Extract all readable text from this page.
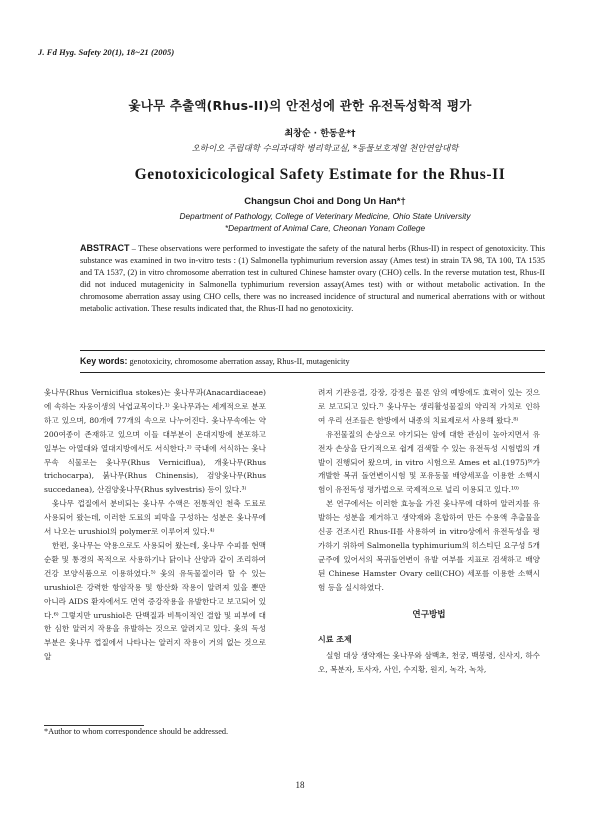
J. Fd Hyg. Safety 20(1), 18~21 (2005)
옻나무 추출액(Rhus-II)의 안전성에 관한 유전독성학적 평가
최창순 · 한동운*†
오하이오 주립대학 수의과대학 병리학교실, *동물보호계열 천안연암대학
Genotoxicicological Safety Estimate for the Rhus-II
Changsun Choi and Dong Un Han*†
Department of Pathology, College of Veterinary Medicine, Ohio State University
*Department of Animal Care, Cheonan Yonam College
ABSTRACT – These observations were performed to investigate the safety of the natural herbs (Rhus-II) in respect of genotoxicity. This substance was examined in two in-vitro tests : (1) Salmonella typhimurium reversion assay (Ames test) in strain TA 98, TA 100, TA 1535 and TA 1537, (2) in vitro chromosome aberration test in cultured Chinese hamster ovary (CHO) cells. In the reverse mutation test, Rhus-II did not induced mutagenicity in Salmonella typhimurium reversion assay(Ames test) with or without metabolic activation. In the chromosome aberration assay using CHO cells, there was no increased incidence of structural and numerical aberrations with or without metabolic activation. These results indicated that, the Rhus-II had no genotoxicity.
Key words: genotoxicity, chromosome aberration assay, Rhus-II, mutagenicity

옻나무(Rhus Verniciflua stokes)는 옻나무과(Anacardiaceae)에 속하는 자웅이생의 낙엽교목이다.¹⁾ 옻나무과는 세계적으로 분포하고 있으며, 80개에 77개의 속으로 나누어진다. 옻나무속에는 약 200여종이 존재하고 있으며 이들 대부분이 온대지방에 분포하고 일부는 아열대와 열대지방에서도 서식한다.²⁾ 국내에 서식하는 옻나무속 식물로는 옻나무(Rhus Verniciflua), 개옻나무(Rhus trichocarpa), 붉나무(Rhus Chinensis), 검양옻나무(Rhus succedanea), 산검양옻나무(Rhus sylvestris) 등이 있다.³⁾

옻나무 껍질에서 분비되는 옻나무 수액은 전통적인 천축 도료로 사용되어 왔는데, 이러한 도료의 피막을 구성하는 성분은 옻나무에서 나오는 urushiol의 polymer로 이루어져 있다.⁴⁾

한편, 옻나무는 약용으로도 사용되어 왔는데, 옻나무 수피를 현맥순환 및 통경의 목적으로 사용하기나 닭이나 산양과 같이 조리하여 건강 보양식품으로 이용하였다.⁵⁾ 옻의 유독물질이라 할 수 있는 urushiol은 강력한 항암작용 및 항산화 작용이 알려져 있을 뿐만 아니라 AIDS 환자에서도 면역 증강작용을 유발한다고 보고되어 있다.⁶⁾ 그렇지만 urushiol은 단백질과 비특이적인 결합 및 피부에 대한 심한 알러지 작용을 유발하는 것으로 알려지고 있다. 옻의 독성부분은 옻나무 껍질에서 나타나는 알러지 작용이 거의 없는 것으로 알

려져 기관응결, 강장, 강정은 물론 암의 예방에도 효력이 있는 것으로 보고되고 있다.⁷⁾ 옻나무는 생리활성물질의 약리적 가치로 인하여 우리 선조들은 한방에서 내종의 치료제로서 사용해 왔다.⁸⁾

유전물질의 손상으로 야기되는 암에 대한 관심이 높아지면서 유전자 손상을 단기적으로 쉽게 검색할 수 있는 유전독성 시험법의 개발이 진행되어 왔으며, in vitro 시험으로 Ames et al.(1975)⁹⁾가 개발한 복귀 돌연변이시험 및 포유동물 배양세포을 이용한 소핵시험이 유전독성 평가법으로 국제적으로 널리 이용되고 있다.¹⁰⁾

본 연구에서는 이러한 효능을 가진 옻나무에 대하여 알러지를 유발하는 성분을 제거하고 생약재와 혼합하여 만든 수용액 추출물을 신공 건조시킨 Rhus-II를 사용하여 in vitro상에서 유전독성을 평가하기 위하여 Salmonella typhimurium의 히스티딘 요구성 5개 균주에 있어서의 복귀돌연변이 유발 여부를 지표로 검색하고 배양된 Chinese Hamster Ovary cell(CHO) 세포를 이용한 소핵시험 등을 실시하였다.

연구방법
시료 조제

실험 대상 생약재는 옻나무와 삼백초, 천궁, 백봉령, 신사지, 하수오, 복분자, 토사자, 사인, 수지황, 원지, 녹각, 녹차,

*Author to whom correspondence should be addressed.
18
